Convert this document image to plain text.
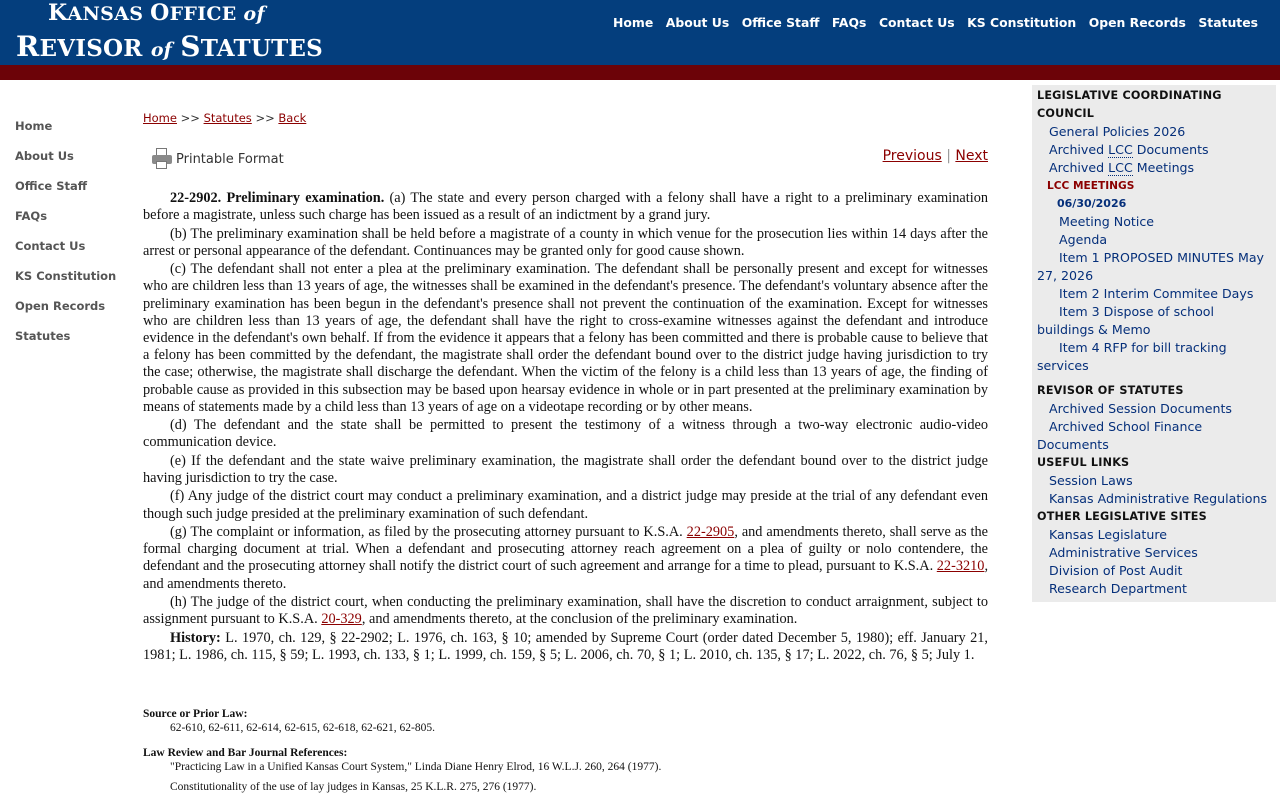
KANSAS OFFICE of
REVISOR of STATUTES
Home About Us Office Staff FAQs Contact Us KS Constitution Open Records Statutes
Home
About Us
Office Staff
FAQs
Contact Us
KS Constitution
Open Records
Statutes
Home >> Statutes >> Back
Printable Format	Previous | Next

22-2902. Preliminary examination. (a) The state and every person charged with a felony shall have a right to a preliminary examination before a magistrate, unless such charge has been issued as a result of an indictment by a grand jury.

(b) The preliminary examination shall be held before a magistrate of a county in which venue for the prosecution lies within 14 days after the arrest or personal appearance of the defendant. Continuances may be granted only for good cause shown.

(c) The defendant shall not enter a plea at the preliminary examination. The defendant shall be personally present and except for witnesses who are children less than 13 years of age, the witnesses shall be examined in the defendant's presence. The defendant's voluntary absence after the preliminary examination has been begun in the defendant's presence shall not prevent the continuation of the examination. Except for witnesses who are children less than 13 years of age, the defendant shall have the right to cross-examine witnesses against the defendant and introduce evidence in the defendant's own behalf. If from the evidence it appears that a felony has been committed and there is probable cause to believe that a felony has been committed by the defendant, the magistrate shall order the defendant bound over to the district judge having jurisdiction to try the case; otherwise, the magistrate shall discharge the defendant. When the victim of the felony is a child less than 13 years of age, the finding of probable cause as provided in this subsection may be based upon hearsay evidence in whole or in part presented at the preliminary examination by means of statements made by a child less than 13 years of age on a videotape recording or by other means.

(d) The defendant and the state shall be permitted to present the testimony of a witness through a two-way electronic audio-video communication device.

(e) If the defendant and the state waive preliminary examination, the magistrate shall order the defendant bound over to the district judge having jurisdiction to try the case.

(f) Any judge of the district court may conduct a preliminary examination, and a district judge may preside at the trial of any defendant even though such judge presided at the preliminary examination of such defendant.

(g) The complaint or information, as filed by the prosecuting attorney pursuant to K.S.A. 22-2905, and amendments thereto, shall serve as the formal charging document at trial. When a defendant and prosecuting attorney reach agreement on a plea of guilty or nolo contendere, the defendant and the prosecuting attorney shall notify the district court of such agreement and arrange for a time to plead, pursuant to K.S.A. 22-3210, and amendments thereto.

(h) The judge of the district court, when conducting the preliminary examination, shall have the discretion to conduct arraignment, subject to assignment pursuant to K.S.A. 20-329, and amendments thereto, at the conclusion of the preliminary examination.

History: L. 1970, ch. 129, § 22-2902; L. 1976, ch. 163, § 10; amended by Supreme Court (order dated December 5, 1980); eff. January 21, 1981; L. 1986, ch. 115, § 59; L. 1993, ch. 133, § 1; L. 1999, ch. 159, § 5; L. 2006, ch. 70, § 1; L. 2010, ch. 135, § 17; L. 2022, ch. 76, § 5; July 1.

Source or Prior Law:
62-610, 62-611, 62-614, 62-615, 62-618, 62-621, 62-805.
Law Review and Bar Journal References:
"Practicing Law in a Unified Kansas Court System," Linda Diane Henry Elrod, 16 W.L.J. 260, 264 (1977).
Constitutionality of the use of lay judges in Kansas, 25 K.L.R. 275, 276 (1977).
LEGISLATIVE COORDINATING COUNCIL
General Policies 2026
Archived LCC Documents
Archived LCC Meetings
LCC MEETINGS
06/30/2026
Meeting Notice
Agenda
Item 1 PROPOSED MINUTES May 27, 2026
Item 2 Interim Commitee Days
Item 3 Dispose of school buildings & Memo
Item 4 RFP for bill tracking services
REVISOR OF STATUTES
Archived Session Documents
Archived School Finance Documents
USEFUL LINKS
Session Laws
Kansas Administrative Regulations
OTHER LEGISLATIVE SITES
Kansas Legislature
Administrative Services
Division of Post Audit
Research Department
